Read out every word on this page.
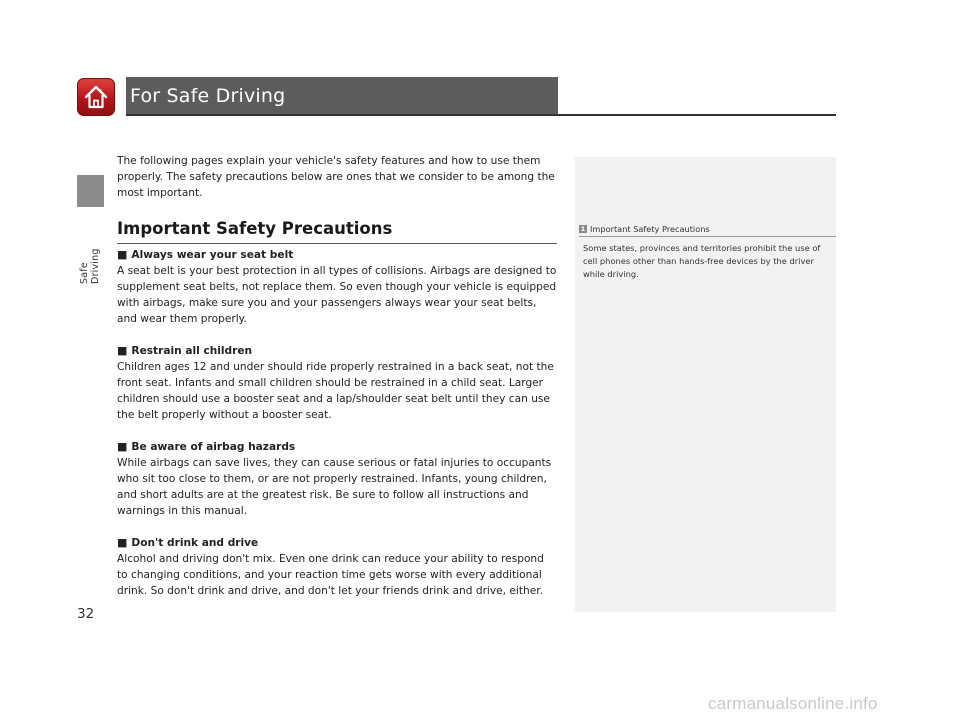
Safe Driving
For Safe Driving
The following pages explain your vehicle's safety features and how to use them properly. The safety precautions below are ones that we consider to be among the most important.
Important Safety Precautions
■ Always wear your seat belt
A seat belt is your best protection in all types of collisions. Airbags are designed to supplement seat belts, not replace them. So even though your vehicle is equipped with airbags, make sure you and your passengers always wear your seat belts, and wear them properly.
■ Restrain all children
Children ages 12 and under should ride properly restrained in a back seat, not the front seat. Infants and small children should be restrained in a child seat. Larger children should use a booster seat and a lap/shoulder seat belt until they can use the belt properly without a booster seat.
■ Be aware of airbag hazards
While airbags can save lives, they can cause serious or fatal injuries to occupants who sit too close to them, or are not properly restrained. Infants, young children, and short adults are at the greatest risk. Be sure to follow all instructions and warnings in this manual.
■ Don't drink and drive
Alcohol and driving don't mix. Even one drink can reduce your ability to respond to changing conditions, and your reaction time gets worse with every additional drink. So don't drink and drive, and don't let your friends drink and drive, either.
1 Important Safety Precautions
Some states, provinces and territories prohibit the use of cell phones other than hands-free devices by the driver while driving.
32
carmanualsonline.info
